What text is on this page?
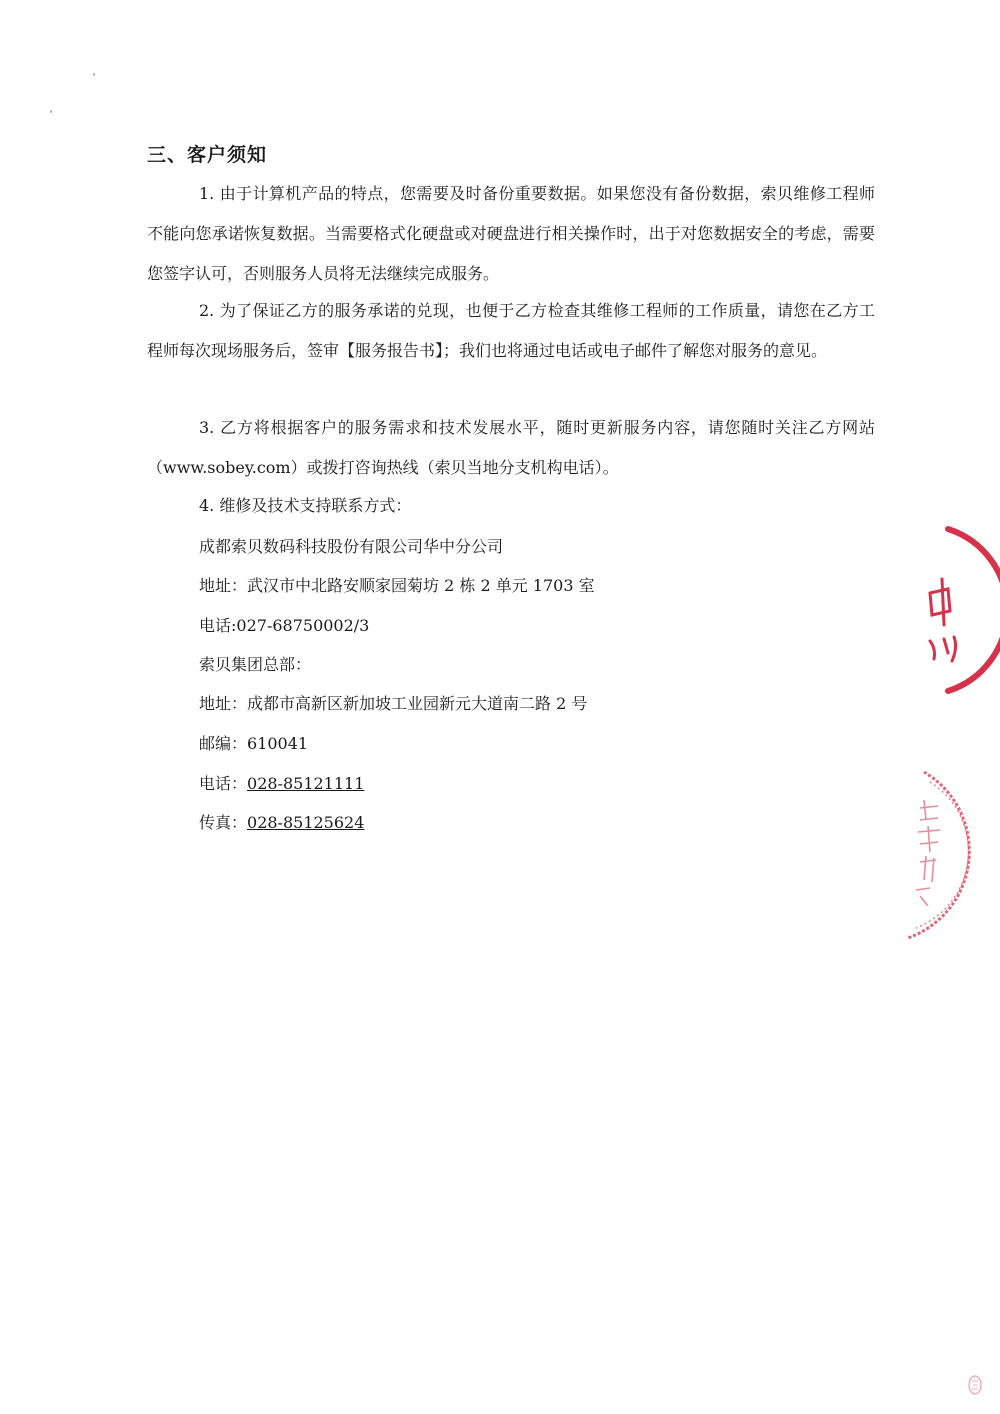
三、客户须知
1. 由于计算机产品的特点，您需要及时备份重要数据。如果您没有备份数据，索贝维修工程师不能向您承诺恢复数据。当需要格式化硬盘或对硬盘进行相关操作时，出于对您数据安全的考虑，需要您签字认可，否则服务人员将无法继续完成服务。
2. 为了保证乙方的服务承诺的兑现，也便于乙方检查其维修工程师的工作质量，请您在乙方工程师每次现场服务后，签审【服务报告书】；我们也将通过电话或电子邮件了解您对服务的意见。
3. 乙方将根据客户的服务需求和技术发展水平，随时更新服务内容，请您随时关注乙方网站（www.sobey.com）或拨打咨询热线（索贝当地分支机构电话）。
4. 维修及技术支持联系方式：
成都索贝数码科技股份有限公司华中分公司
地址：武汉市中北路安顺家园菊坊 2 栋 2 单元 1703 室
电话:027-68750002/3
索贝集团总部：
地址：成都市高新区新加坡工业园新元大道南二路 2 号
邮编：610041
电话：028-85121111
传真：028-85125624
